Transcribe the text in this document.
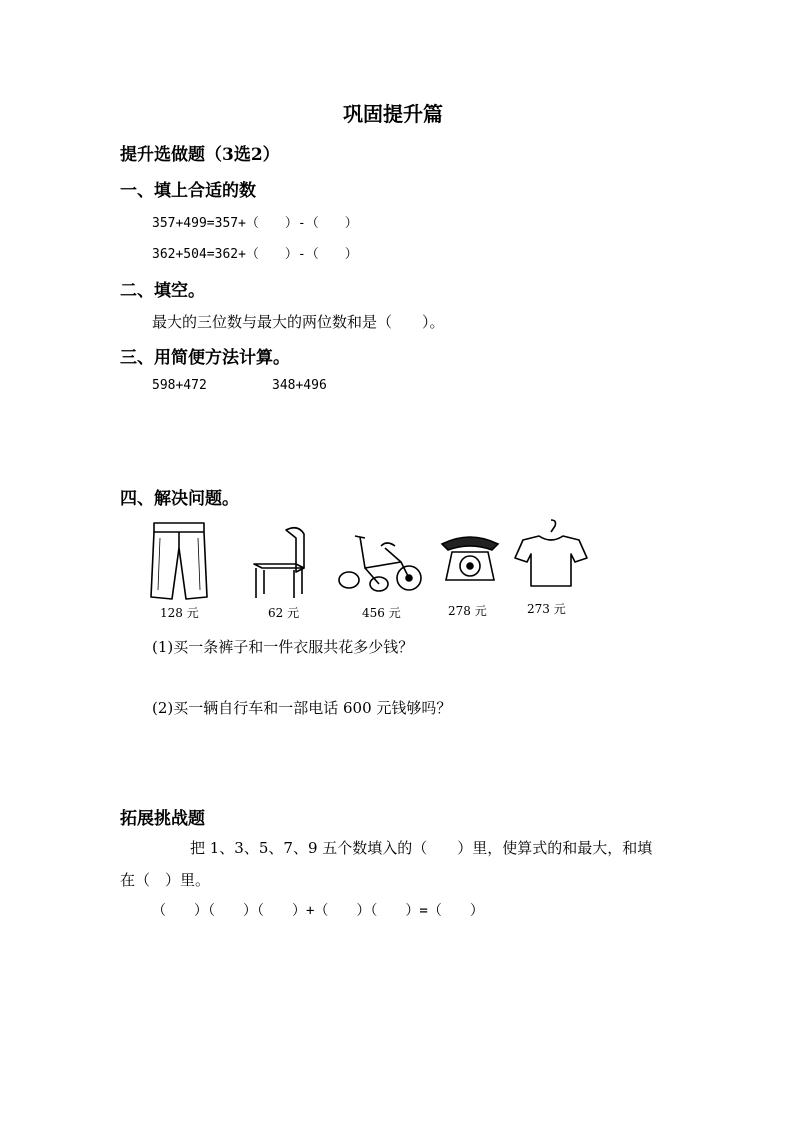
巩固提升篇
提升选做题（3选2）
一、填上合适的数
357+499=357+（　　）-（　　）
362+504=362+（　　）-（　　）
二、填空。
最大的三位数与最大的两位数和是（　　）。
三、用简便方法计算。
598+472	348+496
四、解决问题。
128 元	62 元	456 元	278 元	273 元
(1)买一条裤子和一件衣服共花多少钱？
(2)买一辆自行车和一部电话 600 元钱够吗？
拓展挑战题
把 1、3、5、7、9 五个数填入的（　　）里，使算式的和最大，和填
在（　）里。
（　　）（　　）（　　）+（　　）（　　）=（　　）
